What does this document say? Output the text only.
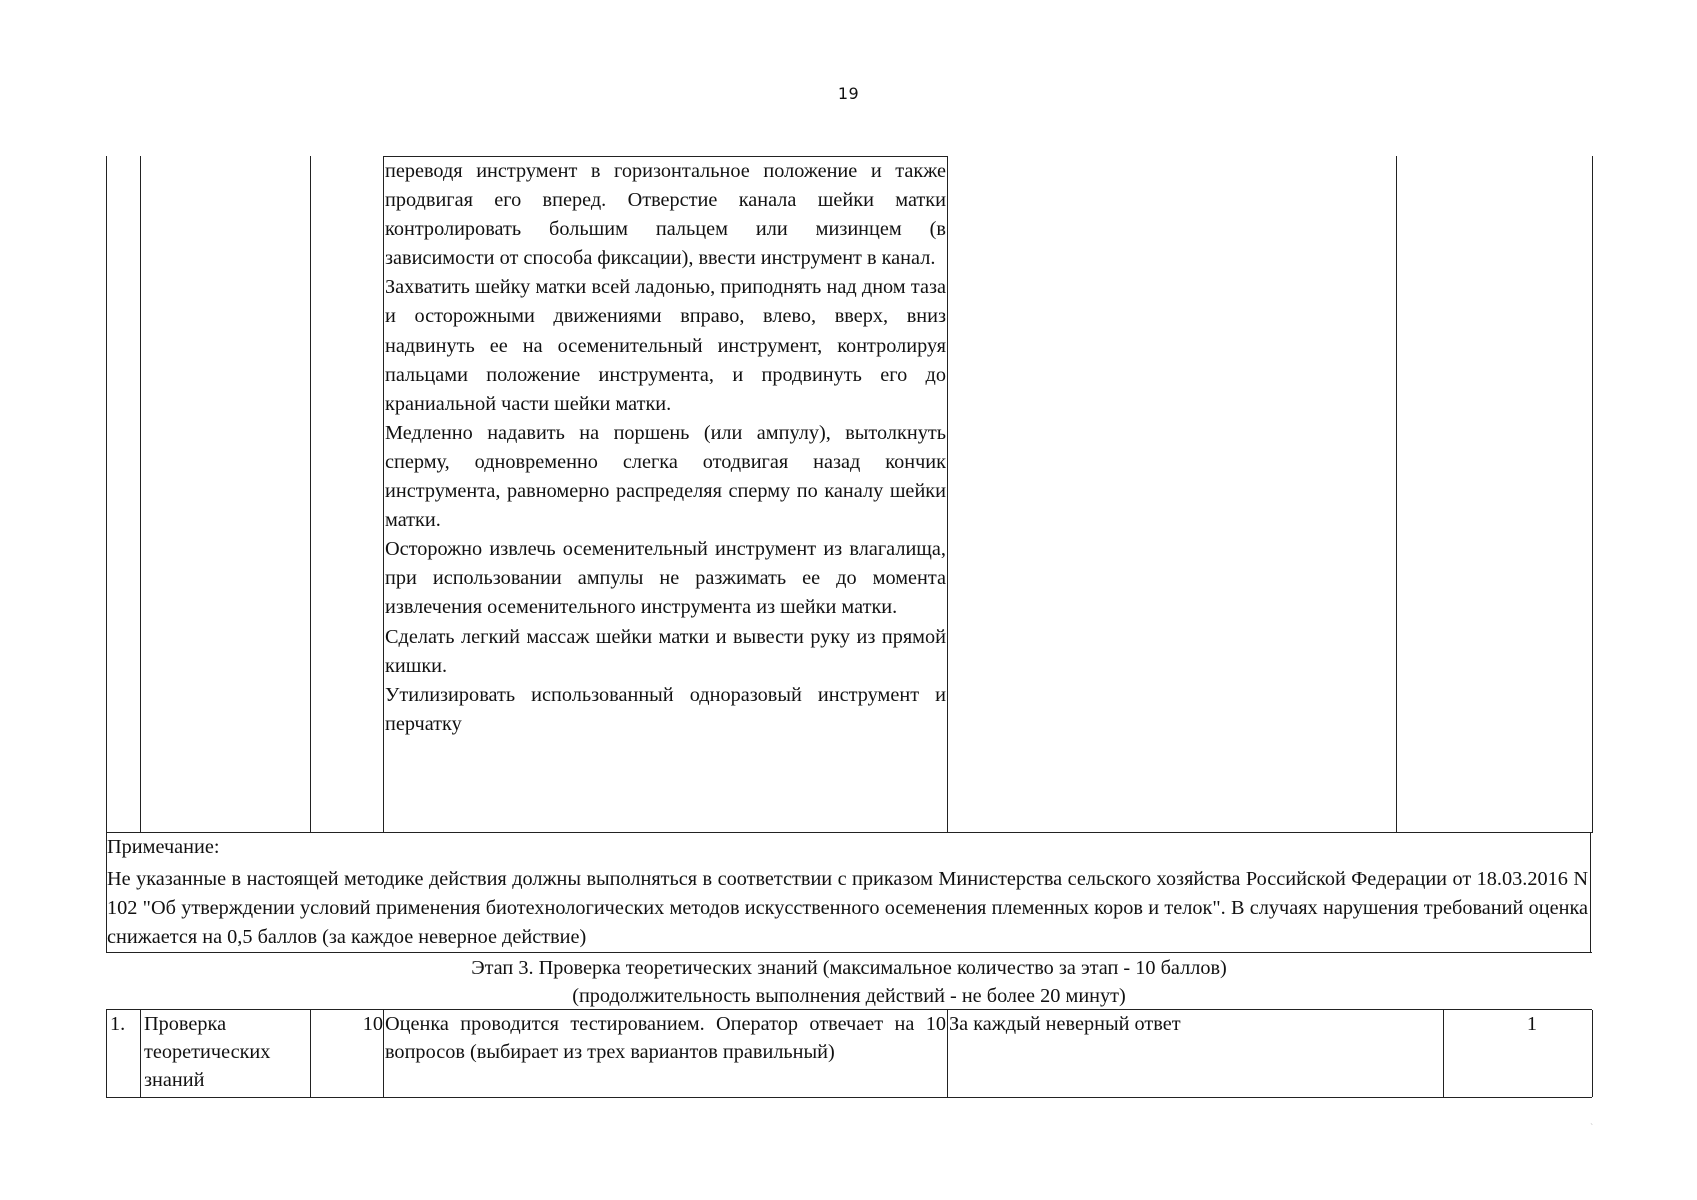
19

переводя инструмент в горизонтальное положение и также продвигая его вперед. Отверстие канала шейки матки контролировать большим пальцем или мизинцем (в зависимости от способа фиксации), ввести инструмент в канал.

Захватить шейку матки всей ладонью, приподнять над дном таза и осторожными движениями вправо, влево, вверх, вниз надвинуть ее на осеменительный инструмент, контролируя пальцами положение инструмента, и продвинуть его до краниальной части шейки матки.

Медленно надавить на поршень (или ампулу), вытолкнуть сперму, одновременно слегка отодвигая назад кончик инструмента, равномерно распределяя сперму по каналу шейки матки.

Осторожно извлечь осеменительный инструмент из влагалища, при использовании ампулы не разжимать ее до момента извлечения осеменительного инструмента из шейки матки.

Сделать легкий массаж шейки матки и вывести руку из прямой кишки.

Утилизировать использованный одноразовый инструмент и перчатку

Примечание:
Не указанные в настоящей методике действия должны выполняться в соответствии с приказом Министерства сельского хозяйства Российской Федерации от 18.03.2016 N 102 "Об утверждении условий применения биотехнологических методов искусственного осеменения племенных коров и телок". В случаях нарушения требований оценка снижается на 0,5 баллов (за каждое неверное действие)
Этап 3. Проверка теоретических знаний (максимальное количество за этап - 10 баллов)
(продолжительность выполнения действий - не более 20 минут)
1. Проверка теоретических знаний
10 Оценка проводится тестированием. Оператор отвечает на 10 вопросов (выбирает из трех вариантов правильный)
За каждый неверный ответ	1
˴
